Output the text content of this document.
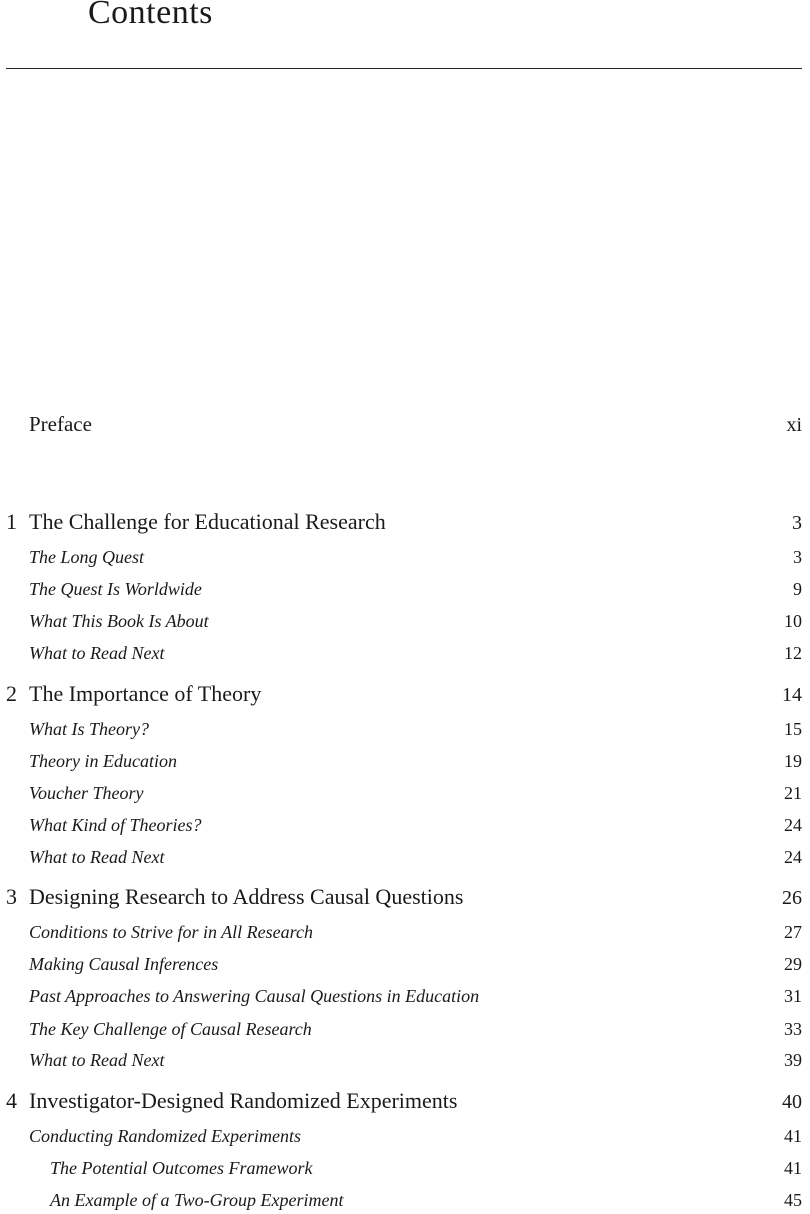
Contents
Preface	xi
1 The Challenge for Educational Research	3
The Long Quest	3
The Quest Is Worldwide	9
What This Book Is About	10
What to Read Next	12
2 The Importance of Theory	14
What Is Theory?	15
Theory in Education	19
Voucher Theory	21
What Kind of Theories?	24
What to Read Next	24
3 Designing Research to Address Causal Questions	26
Conditions to Strive for in All Research	27
Making Causal Inferences	29
Past Approaches to Answering Causal Questions in Education	31
The Key Challenge of Causal Research	33
What to Read Next	39
4 Investigator-Designed Randomized Experiments	40
Conducting Randomized Experiments	41
The Potential Outcomes Framework	41
An Example of a Two-Group Experiment	45
